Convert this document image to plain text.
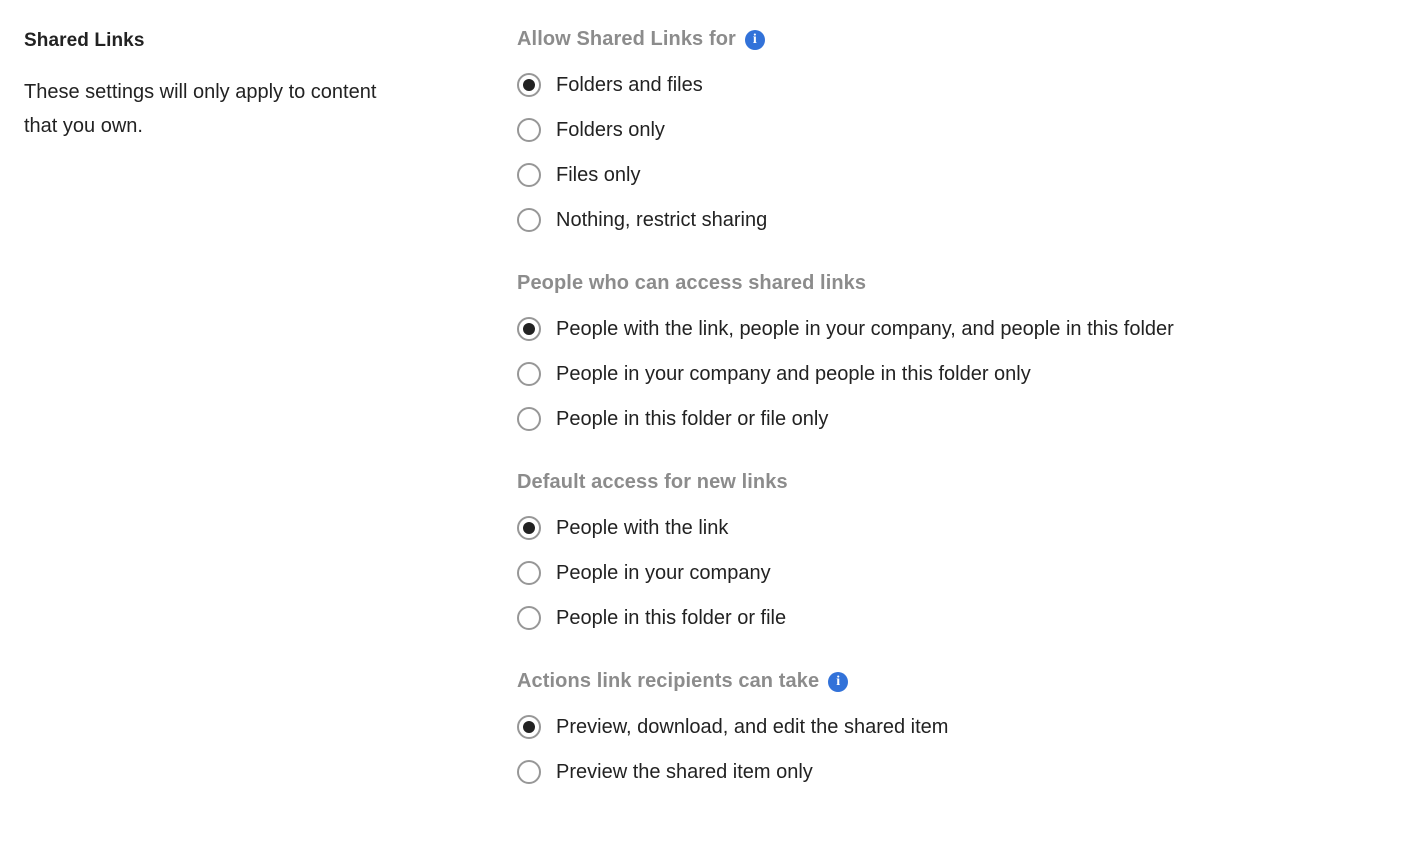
Shared Links
These settings will only apply to content that you own.
Allow Shared Links for	i
Folders and files
Folders only
Files only
Nothing, restrict sharing
People who can access shared links
People with the link, people in your company, and people in this folder
People in your company and people in this folder only
People in this folder or file only
Default access for new links
People with the link
People in your company
People in this folder or file
Actions link recipients can take	i
Preview, download, and edit the shared item
Preview the shared item only
